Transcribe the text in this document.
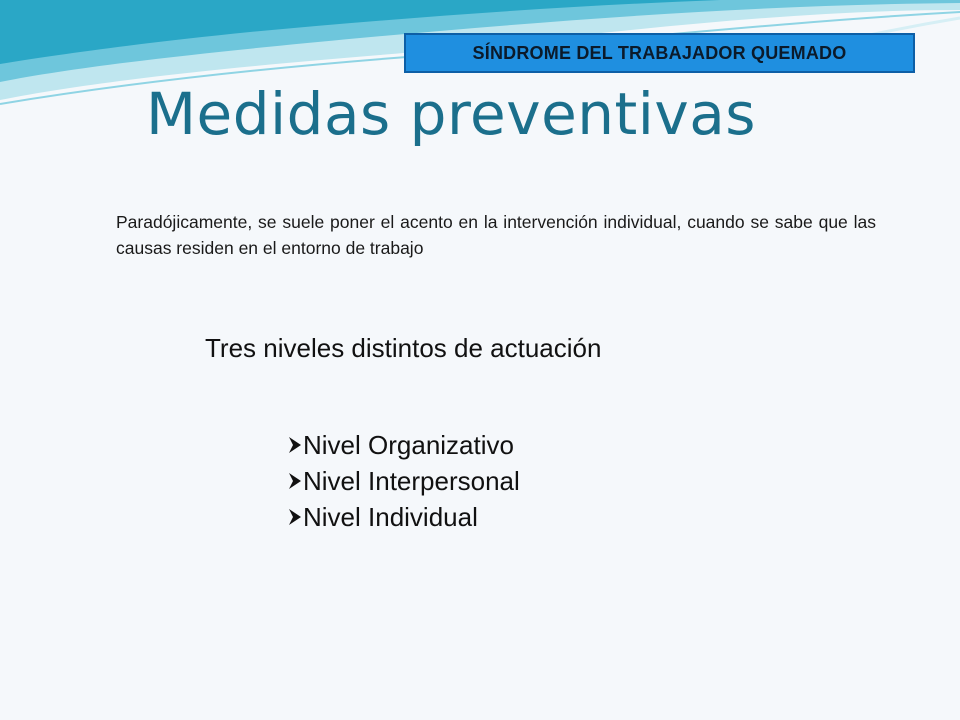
SÍNDROME DEL TRABAJADOR QUEMADO
Medidas preventivas

Paradójicamente, se suele poner el acento en la intervención individual, cuando se sabe que las causas residen en el entorno de trabajo

Tres niveles distintos de actuación

Nivel Organizativo
Nivel Interpersonal
Nivel Individual
